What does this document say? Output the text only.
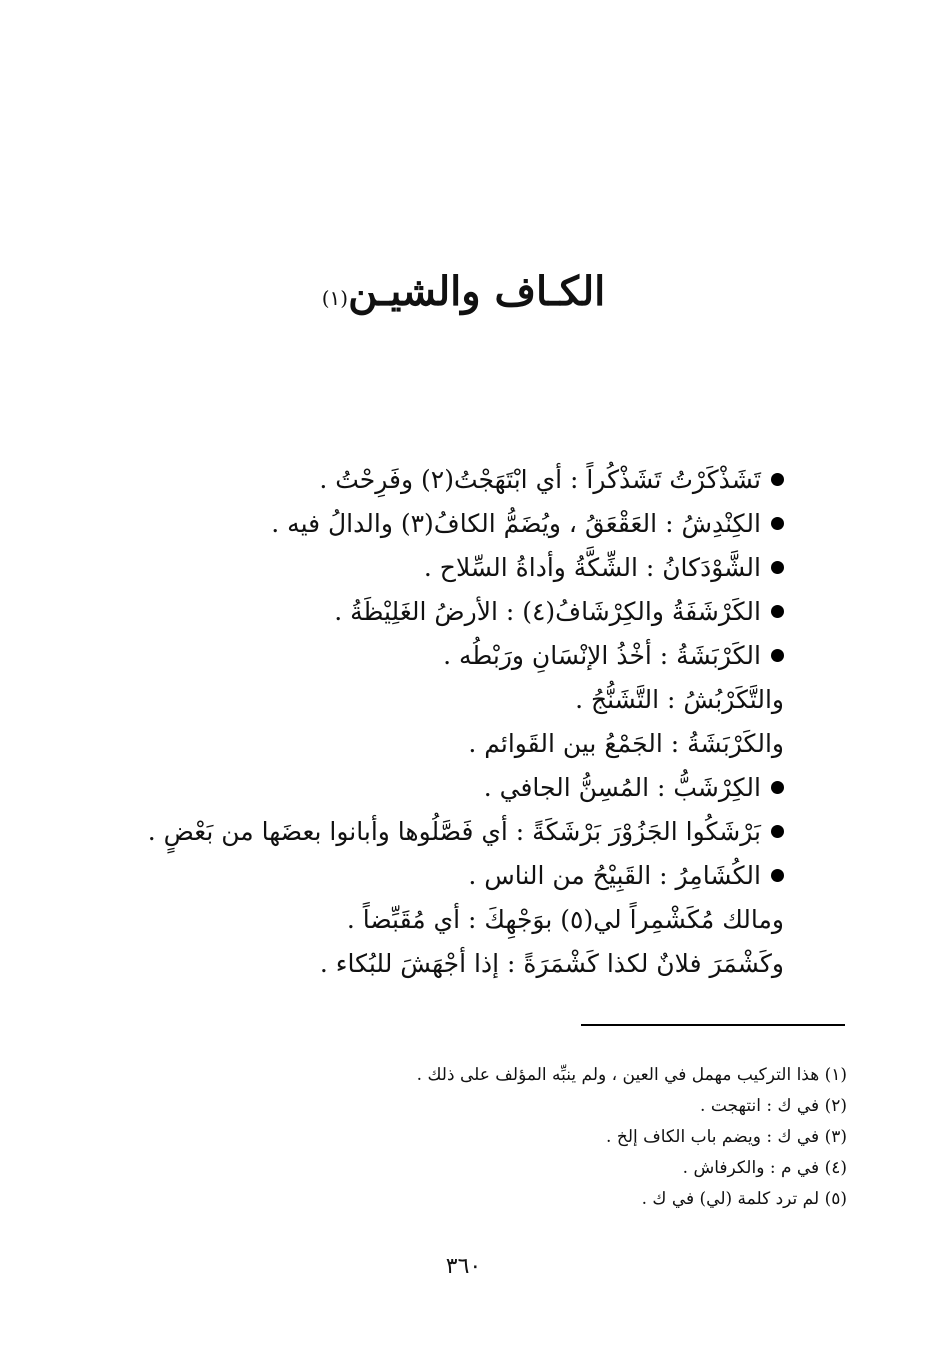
الكـاف والشيـن$^{(١)}$
تَشَذْكَرْتُ تَشَذْكُراً : أي ابْتَهَجْتُ(٢) وفَرِحْتُ .
الكِنْدِشُ : العَقْعَقُ ، ويُضَمُّ الكافُ(٣) والدالُ فيه .
الشَّوْدَكانُ : الشِّكَّةُ وأداةُ السِّلاح .
الكَرْشَفَةُ والكِرْشَافُ(٤) : الأرضُ الغَلِيْظَةُ .
الكَرْبَشَةُ : أخْذُ الإنْسَانِ ورَبْطُه .
والتَّكَرْبُشُ : التَّشَنُّجُ .
والكَرْبَشَةُ : الجَمْعُ بين القَوائم .
الكِرْشَبُّ : المُسِنُّ الجافي .
بَرْشَكُوا الجَزُوْرَ بَرْشَكَةً : أي فَصَّلُوها وأبانوا بعضَها من بَعْضٍ .
الكُشَامِرُ : القَبِيْحُ من الناس .
ومالك مُكَشْمِراً لي(٥) بوَجْهِكَ : أي مُقَبِّضاً .
وكَشْمَرَ فلانٌ لكذا كَشْمَرَةً : إذا أجْهَشَ للبُكاء .
(١) هذا التركيب مهمل في العين ، ولم ينبِّه المؤلف على ذلك .
(٢) في ك : انتهجت .
(٣) في ك : ويضم باب الكاف إلخ .
(٤) في م : والكرفاش .
(٥) لم ترد كلمة (لي) في ك .
٣٦٠
